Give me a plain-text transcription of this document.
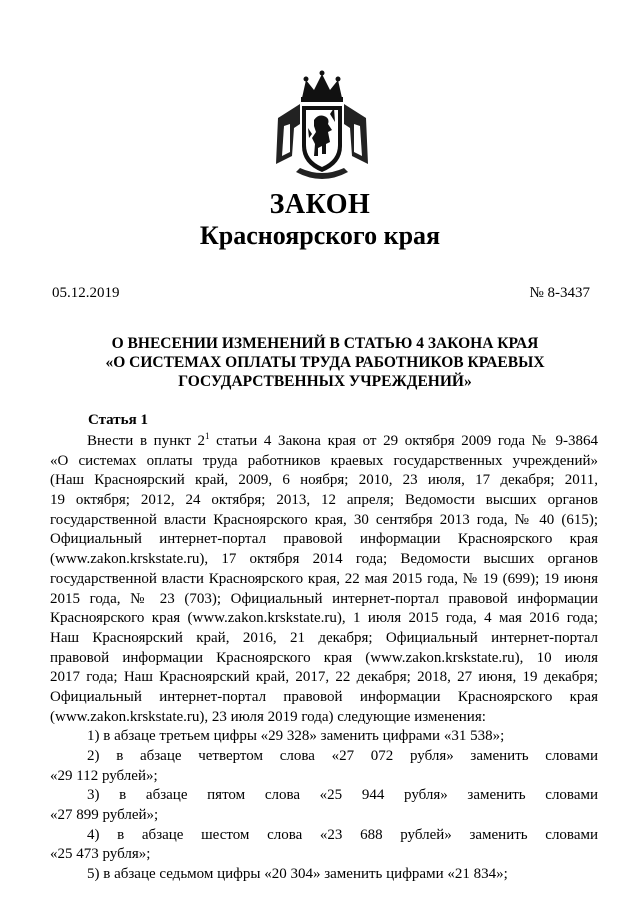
ЗАКОН
Красноярского края
05.12.2019	№ 8-3437
О ВНЕСЕНИИ ИЗМЕНЕНИЙ В СТАТЬЮ 4 ЗАКОНА КРАЯ
«О СИСТЕМАХ ОПЛАТЫ ТРУДА РАБОТНИКОВ КРАЕВЫХ
ГОСУДАРСТВЕННЫХ УЧРЕЖДЕНИЙ»
Статья 1
Внести в пункт $2^1$ статьи 4 Закона края от 29 октября 2009 года № 9-3864
«О системах оплаты труда работников краевых государственных учреждений»
(Наш Красноярский край, 2009, 6 ноября; 2010, 23 июля, 17 декабря; 2011,
19 октября; 2012, 24 октября; 2013, 12 апреля; Ведомости высших органов
государственной власти Красноярского края, 30 сентября 2013 года, № 40 (615);
Официальный интернет-портал правовой информации Красноярского края
(www.zakon.krskstate.ru), 17 октября 2014 года; Ведомости высших органов
государственной власти Красноярского края, 22 мая 2015 года, № 19 (699); 19 июня
2015 года, № 23 (703); Официальный интернет-портал правовой информации
Красноярского края (www.zakon.krskstate.ru), 1 июля 2015 года, 4 мая 2016 года;
Наш Красноярский край, 2016, 21 декабря; Официальный интернет-портал
правовой информации Красноярского края (www.zakon.krskstate.ru), 10 июля
2017 года; Наш Красноярский край, 2017, 22 декабря; 2018, 27 июня, 19 декабря;
Официальный интернет-портал правовой информации Красноярского края
(www.zakon.krskstate.ru), 23 июля 2019 года) следующие изменения:
1) в абзаце третьем цифры «29 328» заменить цифрами «31 538»;
2) в абзаце четвертом слова «27 072 рубля» заменить словами
«29 112 рублей»;
3) в абзаце пятом слова «25 944 рубля» заменить словами
«27 899 рублей»;
4) в абзаце шестом слова «23 688 рублей» заменить словами
«25 473 рубля»;
5) в абзаце седьмом цифры «20 304» заменить цифрами «21 834»;
